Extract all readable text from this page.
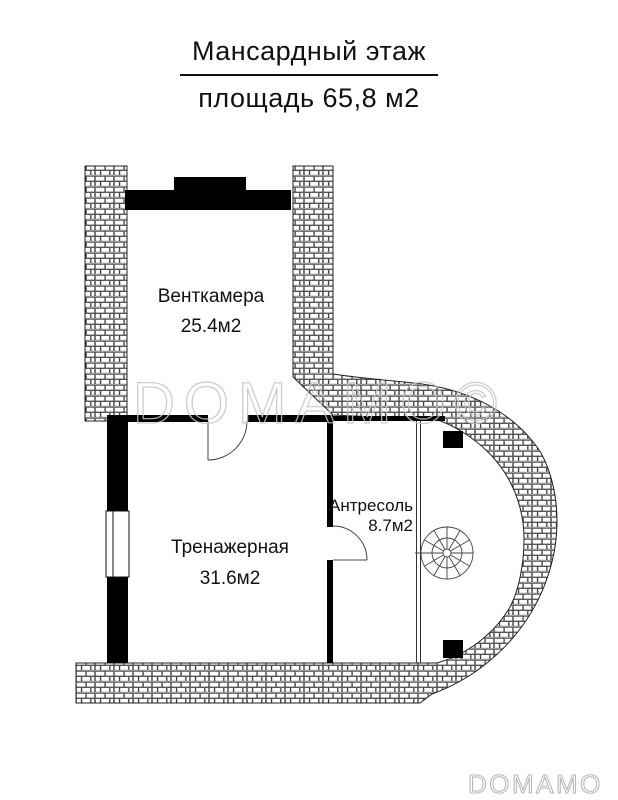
Мансардный этаж
площадь 65,8 м2
Венткамера
25.4м2
Тренажерная
31.6м2
Антресоль
8.7м2
DOMAMO©
DOMAMO
